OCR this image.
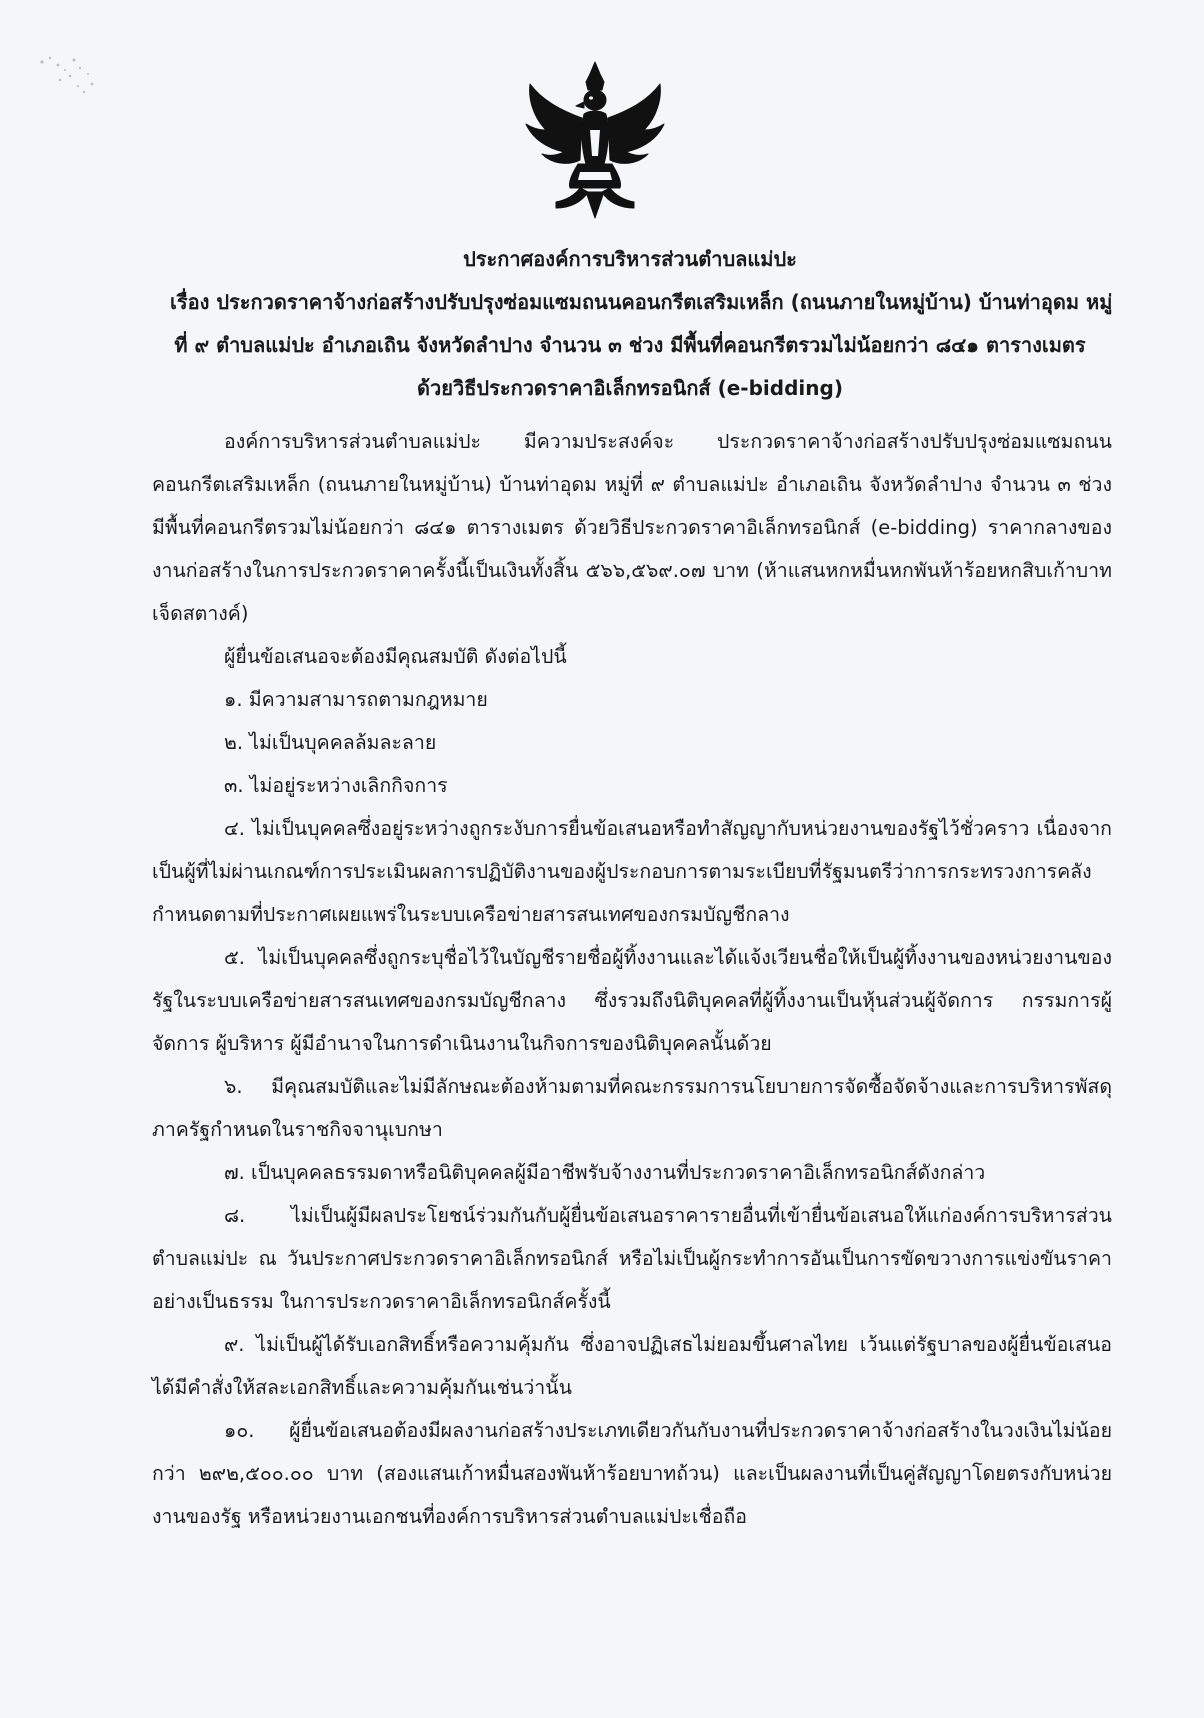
ประกาศองค์การบริหารส่วนตำบลแม่ปะ
เรื่อง ประกวดราคาจ้างก่อสร้างปรับปรุงซ่อมแซมถนนคอนกรีตเสริมเหล็ก (ถนนภายในหมู่บ้าน) บ้านท่าอุดม หมู่
ที่ ๙ ตำบลแม่ปะ อำเภอเถิน จังหวัดลำปาง จำนวน ๓ ช่วง มีพื้นที่คอนกรีตรวมไม่น้อยกว่า ๘๔๑ ตารางเมตร
ด้วยวิธีประกวดราคาอิเล็กทรอนิกส์ (e-bidding)

องค์การบริหารส่วนตำบลแม่ปะ มีความประสงค์จะ ประกวดราคาจ้างก่อสร้างปรับปรุงซ่อมแซมถนนคอนกรีตเสริมเหล็ก (ถนนภายในหมู่บ้าน) บ้านท่าอุดม หมู่ที่ ๙ ตำบลแม่ปะ อำเภอเถิน จังหวัดลำปาง จำนวน ๓ ช่วง มีพื้นที่คอนกรีตรวมไม่น้อยกว่า ๘๔๑ ตารางเมตร ด้วยวิธีประกวดราคาอิเล็กทรอนิกส์ (e-bidding) ราคากลางของงานก่อสร้างในการประกวดราคาครั้งนี้เป็นเงินทั้งสิ้น ๕๖๖,๕๖๙.๐๗ บาท (ห้าแสนหกหมื่นหกพันห้าร้อยหกสิบเก้าบาทเจ็ดสตางค์)

ผู้ยื่นข้อเสนอจะต้องมีคุณสมบัติ ดังต่อไปนี้

๑. มีความสามารถตามกฎหมาย

๒. ไม่เป็นบุคคลล้มละลาย

๓. ไม่อยู่ระหว่างเลิกกิจการ

๔. ไม่เป็นบุคคลซึ่งอยู่ระหว่างถูกระงับการยื่นข้อเสนอหรือทำสัญญากับหน่วยงานของรัฐไว้ชั่วคราว เนื่องจากเป็นผู้ที่ไม่ผ่านเกณฑ์การประเมินผลการปฏิบัติงานของผู้ประกอบการตามระเบียบที่รัฐมนตรีว่าการกระทรวงการคลังกำหนดตามที่ประกาศเผยแพร่ในระบบเครือข่ายสารสนเทศของกรมบัญชีกลาง

๕. ไม่เป็นบุคคลซึ่งถูกระบุชื่อไว้ในบัญชีรายชื่อผู้ทิ้งงานและได้แจ้งเวียนชื่อให้เป็นผู้ทิ้งงานของหน่วยงานของรัฐในระบบเครือข่ายสารสนเทศของกรมบัญชีกลาง ซึ่งรวมถึงนิติบุคคลที่ผู้ทิ้งงานเป็นหุ้นส่วนผู้จัดการ กรรมการผู้จัดการ ผู้บริหาร ผู้มีอำนาจในการดำเนินงานในกิจการของนิติบุคคลนั้นด้วย

๖. มีคุณสมบัติและไม่มีลักษณะต้องห้ามตามที่คณะกรรมการนโยบายการจัดซื้อจัดจ้างและการบริหารพัสดุภาครัฐกำหนดในราชกิจจานุเบกษา

๗. เป็นบุคคลธรรมดาหรือนิติบุคคลผู้มีอาชีพรับจ้างงานที่ประกวดราคาอิเล็กทรอนิกส์ดังกล่าว

๘. ไม่เป็นผู้มีผลประโยชน์ร่วมกันกับผู้ยื่นข้อเสนอราคารายอื่นที่เข้ายื่นข้อเสนอให้แก่องค์การบริหารส่วนตำบลแม่ปะ ณ วันประกาศประกวดราคาอิเล็กทรอนิกส์ หรือไม่เป็นผู้กระทำการอันเป็นการขัดขวางการแข่งขันราคาอย่างเป็นธรรม ในการประกวดราคาอิเล็กทรอนิกส์ครั้งนี้

๙. ไม่เป็นผู้ได้รับเอกสิทธิ์หรือความคุ้มกัน ซึ่งอาจปฏิเสธไม่ยอมขึ้นศาลไทย เว้นแต่รัฐบาลของผู้ยื่นข้อเสนอได้มีคำสั่งให้สละเอกสิทธิ์และความคุ้มกันเช่นว่านั้น

๑๐. ผู้ยื่นข้อเสนอต้องมีผลงานก่อสร้างประเภทเดียวกันกับงานที่ประกวดราคาจ้างก่อสร้างในวงเงินไม่น้อยกว่า ๒๙๒,๕๐๐.๐๐ บาท (สองแสนเก้าหมื่นสองพันห้าร้อยบาทถ้วน) และเป็นผลงานที่เป็นคู่สัญญาโดยตรงกับหน่วยงานของรัฐ หรือหน่วยงานเอกชนที่องค์การบริหารส่วนตำบลแม่ปะเชื่อถือ
